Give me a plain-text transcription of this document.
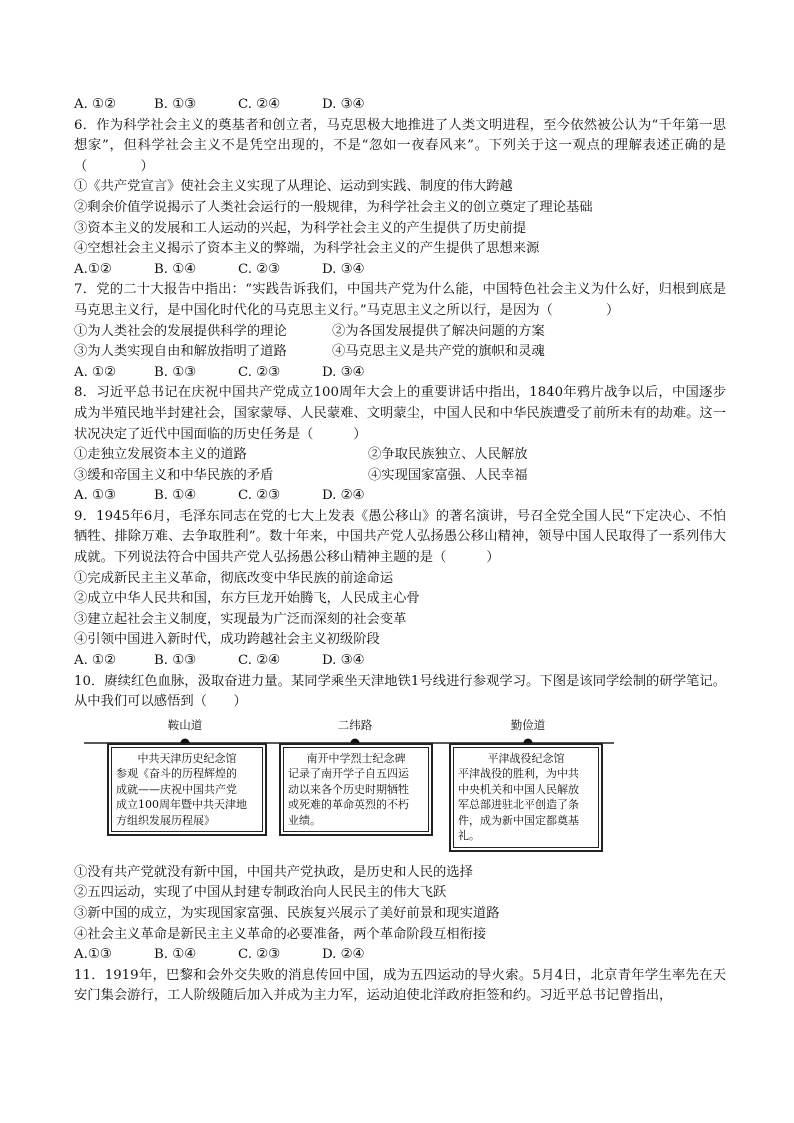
A. ①②	B. ①③	C. ②④	D. ③④
6．作为科学社会主义的奠基者和创立者，马克思极大地推进了人类文明进程，至今依然被公认为“千年第一思想家”，但科学社会主义不是凭空出现的，不是“忽如一夜春风来”。下列关于这一观点的理解表述正确的是（　　　　）
①《共产党宣言》使社会主义实现了从理论、运动到实践、制度的伟大跨越
②剩余价值学说揭示了人类社会运行的一般规律，为科学社会主义的创立奠定了理论基础
③资本主义的发展和工人运动的兴起，为科学社会主义的产生提供了历史前提
④空想社会主义揭示了资本主义的弊端，为科学社会主义的产生提供了思想来源
A.①②	B. ①④	C. ②③	D. ③④
7．党的二十大报告中指出：“实践告诉我们，中国共产党为什么能，中国特色社会主义为什么好，归根到底是马克思主义行，是中国化时代化的马克思主义行。”马克思主义之所以行，是因为（　　　　）
①为人类社会的发展提供科学的理论	②为各国发展提供了解决问题的方案
③为人类实现自由和解放指明了道路	④马克思主义是共产党的旗帜和灵魂
A. ①②	B. ①③	C. ②③	D. ③④
8．习近平总书记在庆祝中国共产党成立100周年大会上的重要讲话中指出，1840年鸦片战争以后，中国逐步成为半殖民地半封建社会，国家蒙辱、人民蒙难、文明蒙尘，中国人民和中华民族遭受了前所未有的劫难。这一状况决定了近代中国面临的历史任务是（　　　）
①走独立发展资本主义的道路	②争取民族独立、人民解放
③缓和帝国主义和中华民族的矛盾	④实现国家富强、人民幸福
A. ①③	B. ①④	C. ②③	D. ②④
9．1945年6月，毛泽东同志在党的七大上发表《愚公移山》的著名演讲，号召全党全国人民“下定决心、不怕牺牲、排除万难、去争取胜利”。数十年来，中国共产党人弘扬愚公移山精神，领导中国人民取得了一系列伟大成就。下列说法符合中国共产党人弘扬愚公移山精神主题的是（　　　）
①完成新民主主义革命，彻底改变中华民族的前途命运
②成立中华人民共和国，东方巨龙开始腾飞，人民成主心骨
③建立起社会主义制度，实现最为广泛而深刻的社会变革
④引领中国进入新时代，成功跨越社会主义初级阶段
A. ①②	B. ①③	C. ②④	D. ③④
10．赓续红色血脉，汲取奋进力量。某同学乘坐天津地铁1号线进行参观学习。下图是该同学绘制的研学笔记。从中我们可以感悟到（　　）
鞍山道	二纬路	勤俭道
中共天津历史纪念馆
参观《奋斗的历程辉煌的
成就——庆祝中国共产党
成立100周年暨中共天津地
方组织发展历程展》
南开中学烈士纪念碑
记录了南开学子自五四运
动以来各个历史时期牺牲
或死难的革命英烈的不朽
业绩。
平津战役纪念馆
平津战役的胜利，为中共
中央机关和中国人民解放
军总部进驻北平创造了条
件，成为新中国定都奠基
礼。
①没有共产党就没有新中国，中国共产党执政，是历史和人民的选择
②五四运动，实现了中国从封建专制政治向人民民主的伟大飞跃
③新中国的成立，为实现国家富强、民族复兴展示了美好前景和现实道路
④社会主义革命是新民主主义革命的必要准备，两个革命阶段互相衔接
A.①③	B. ①④	C. ②③	D. ②④
11．1919年，巴黎和会外交失败的消息传回中国，成为五四运动的导火索。5月4日，北京青年学生率先在天安门集会游行，工人阶级随后加入并成为主力军，运动迫使北洋政府拒签和约。习近平总书记曾指出，
